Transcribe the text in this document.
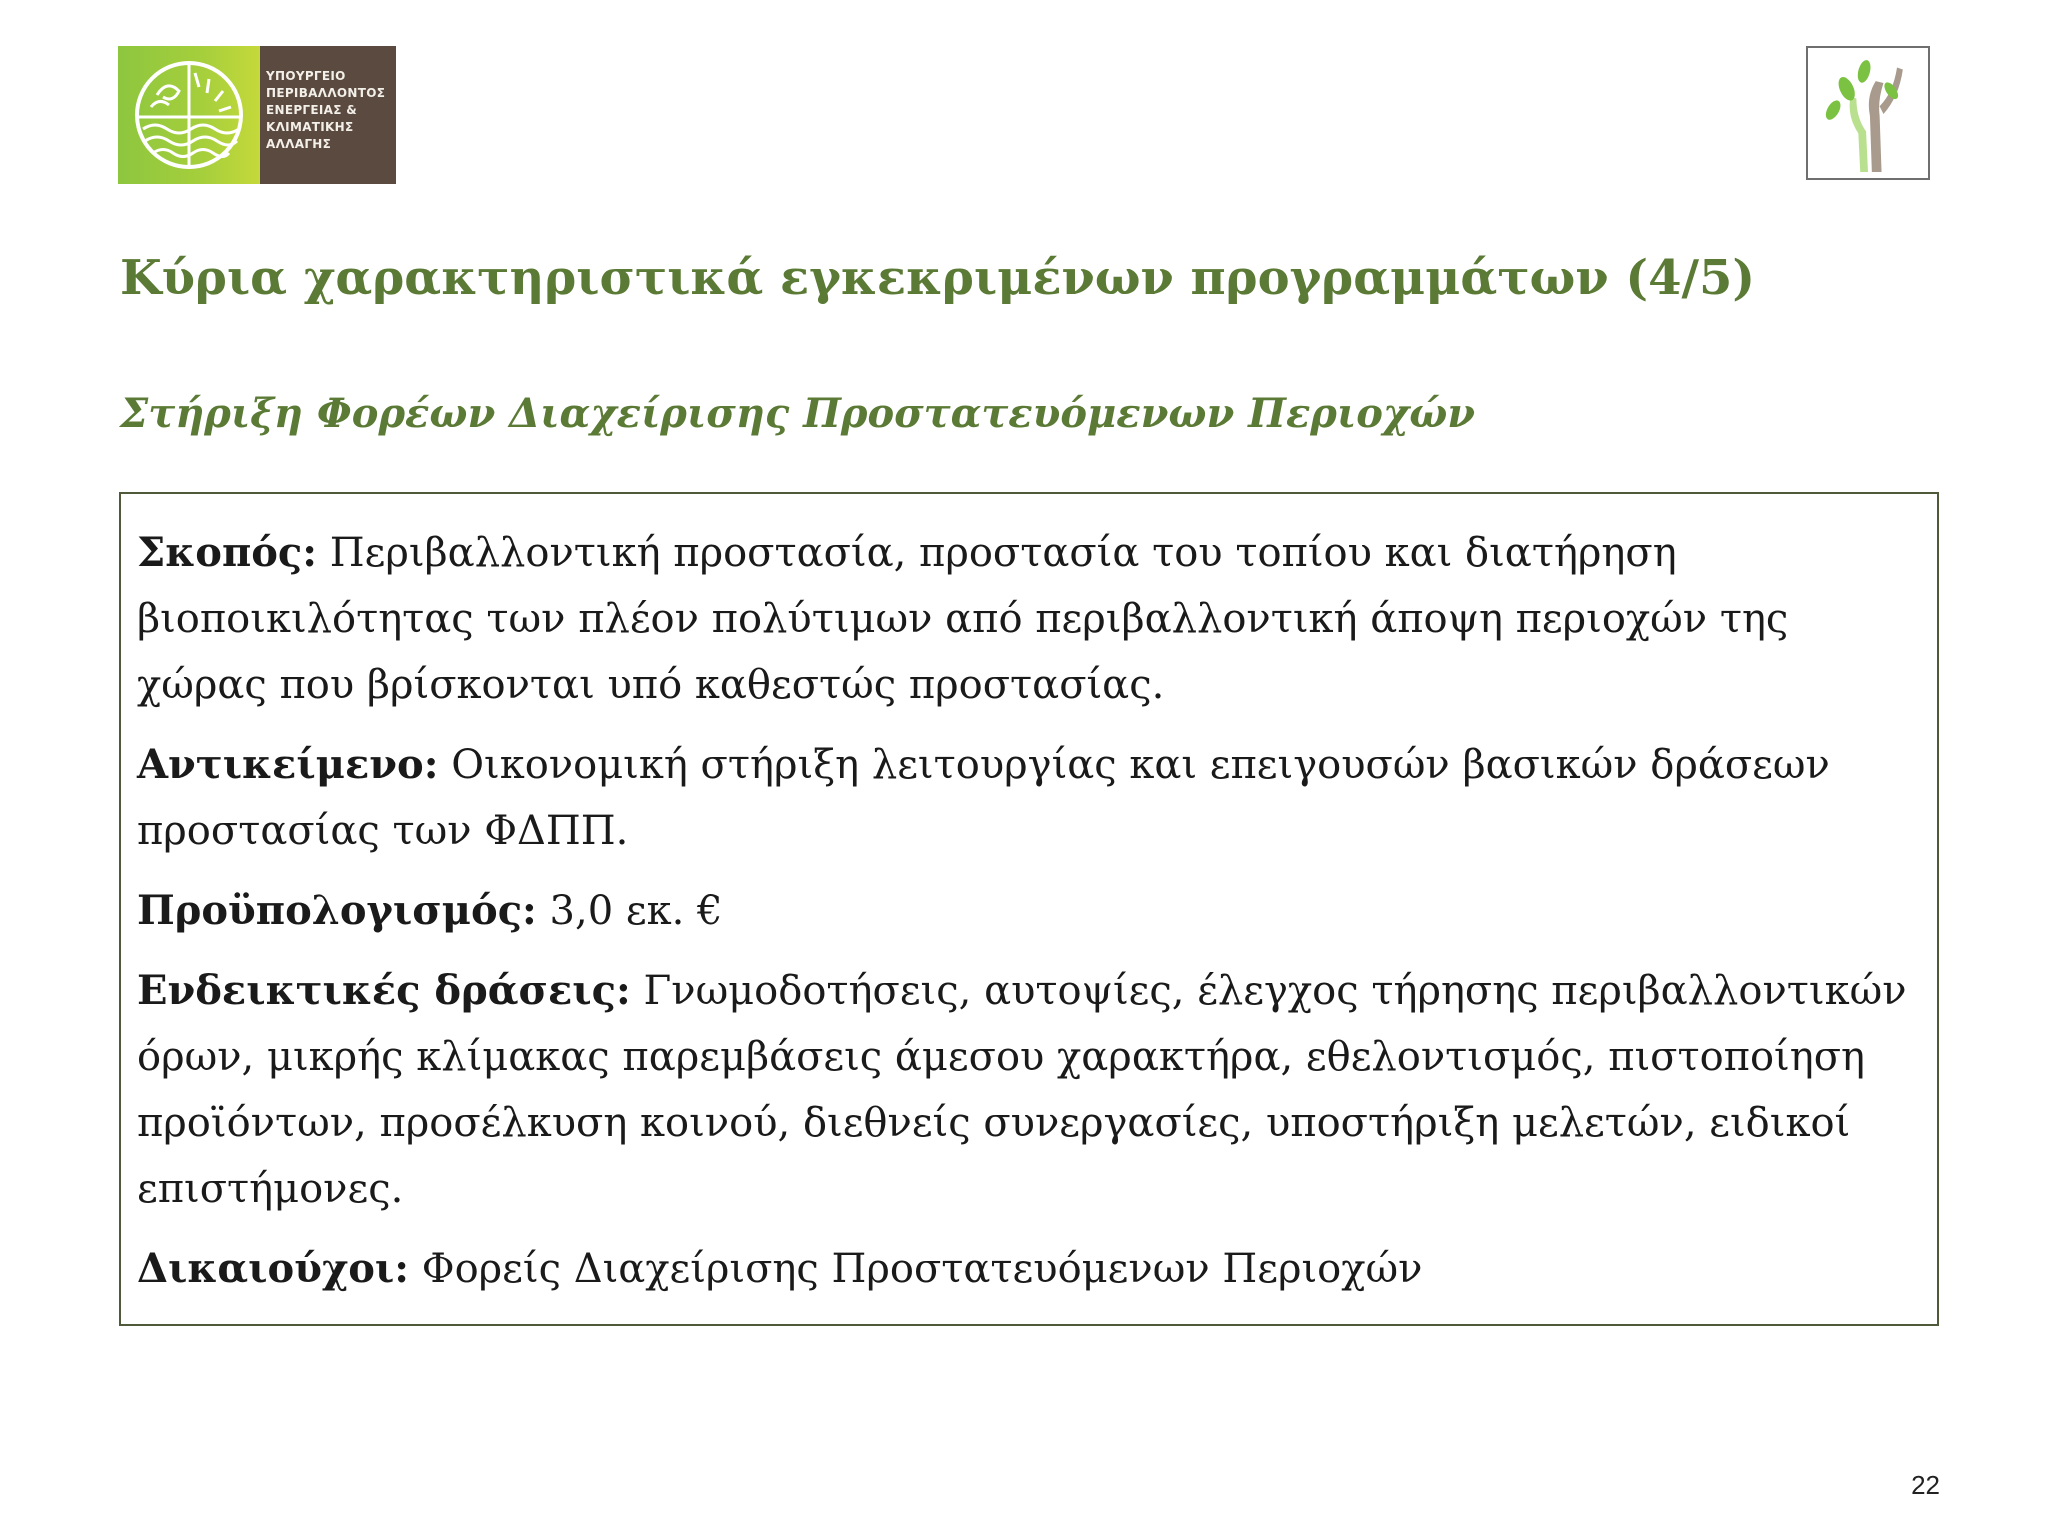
ΥΠΟΥΡΓΕΙΟ
ΠΕΡΙΒΑΛΛΟΝΤΟΣ
ΕΝΕΡΓΕΙΑΣ &
ΚΛΙΜΑΤΙΚΗΣ
ΑΛΛΑΓΗΣ
Κύρια χαρακτηριστικά εγκεκριμένων προγραμμάτων (4/5)
Στήριξη Φορέων Διαχείρισης Προστατευόμενων Περιοχών

Σκοπός: Περιβαλλοντική προστασία, προστασία του τοπίου και διατήρηση βιοποικιλότητας των πλέον πολύτιμων από περιβαλλοντική άποψη περιοχών της χώρας που βρίσκονται υπό καθεστώς προστασίας.

Αντικείμενο: Οικονομική στήριξη λειτουργίας και επειγουσών βασικών δράσεων προστασίας των ΦΔΠΠ.

Προϋπολογισμός: 3,0 εκ. €

Ενδεικτικές δράσεις: Γνωμοδοτήσεις, αυτοψίες, έλεγχος τήρησης περιβαλλοντικών όρων, μικρής κλίμακας παρεμβάσεις άμεσου χαρακτήρα, εθελοντισμός, πιστοποίηση προϊόντων, προσέλκυση κοινού, διεθνείς συνεργασίες, υποστήριξη μελετών, ειδικοί επιστήμονες.

Δικαιούχοι: Φορείς Διαχείρισης Προστατευόμενων Περιοχών

22
